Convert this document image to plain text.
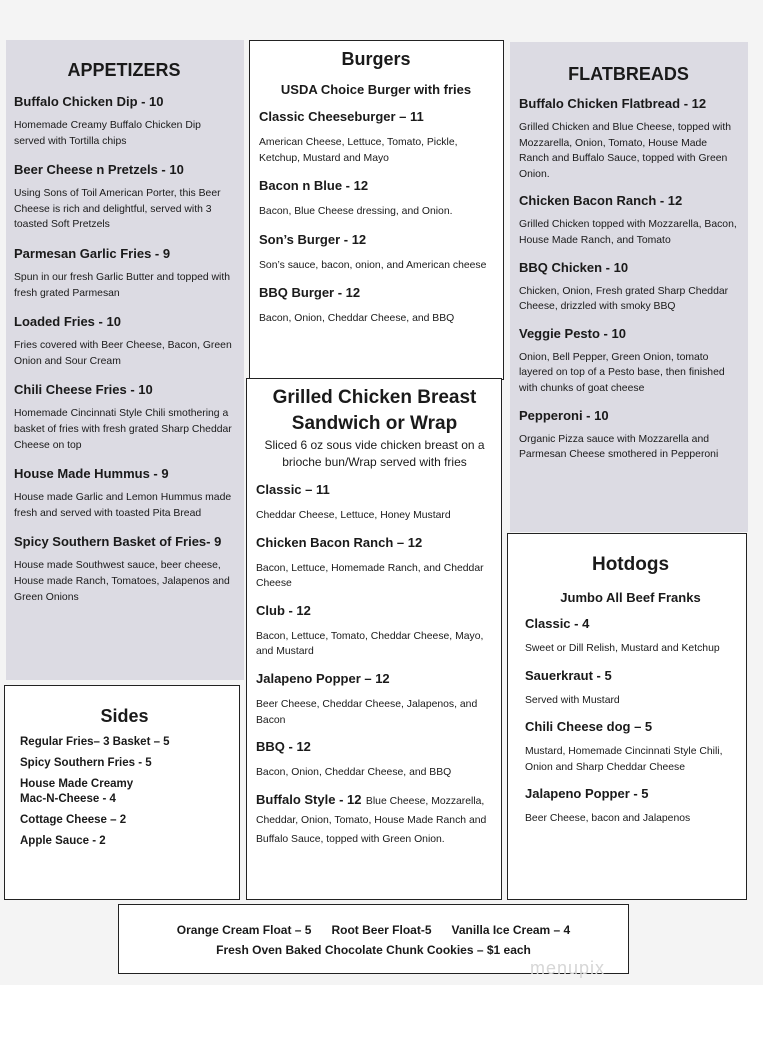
APPETIZERS
Buffalo Chicken Dip - 10
Homemade Creamy Buffalo Chicken Dip served with Tortilla chips
Beer Cheese n Pretzels - 10
Using Sons of Toil American Porter, this Beer Cheese is rich and delightful, served with 3 toasted Soft Pretzels
Parmesan Garlic Fries - 9
Spun in our fresh Garlic Butter and topped with fresh grated Parmesan
Loaded Fries - 10
Fries covered with Beer Cheese, Bacon, Green Onion and Sour Cream
Chili Cheese Fries - 10
Homemade Cincinnati Style Chili smothering a basket of fries with fresh grated Sharp Cheddar Cheese on top
House Made Hummus - 9
House made Garlic and Lemon Hummus made fresh and served with toasted Pita Bread
Spicy Southern Basket of Fries- 9
House made Southwest sauce, beer cheese, House made Ranch, Tomatoes, Jalapenos and Green Onions
Burgers
USDA Choice Burger with fries
Classic Cheeseburger – 11
American Cheese, Lettuce, Tomato, Pickle, Ketchup, Mustard and Mayo
Bacon n Blue - 12
Bacon, Blue Cheese dressing, and Onion.
Son’s Burger - 12
Son’s sauce, bacon, onion, and American cheese
BBQ Burger - 12
Bacon, Onion, Cheddar Cheese, and BBQ
FLATBREADS
Buffalo Chicken Flatbread - 12
Grilled Chicken and Blue Cheese, topped with Mozzarella, Onion, Tomato, House Made Ranch and Buffalo Sauce, topped with Green Onion.
Chicken Bacon Ranch - 12
Grilled Chicken topped with Mozzarella, Bacon, House Made Ranch, and Tomato
BBQ Chicken - 10
Chicken, Onion, Fresh grated Sharp Cheddar Cheese, drizzled with smoky BBQ
Veggie Pesto - 10
Onion, Bell Pepper, Green Onion, tomato layered on top of a Pesto base, then finished with chunks of goat cheese
Pepperoni - 10
Organic Pizza sauce with Mozzarella and Parmesan Cheese smothered in Pepperoni
Grilled Chicken Breast
Sandwich or Wrap
Sliced 6 oz sous vide chicken breast on a brioche bun/Wrap served with fries
Classic – 11
Cheddar Cheese, Lettuce, Honey Mustard
Chicken Bacon Ranch – 12
Bacon, Lettuce, Homemade Ranch, and Cheddar Cheese
Club - 12
Bacon, Lettuce, Tomato, Cheddar Cheese, Mayo, and Mustard
Jalapeno Popper – 12
Beer Cheese, Cheddar Cheese, Jalapenos, and Bacon
BBQ - 12
Bacon, Onion, Cheddar Cheese, and BBQ
Buffalo Style - 12 Blue Cheese, Mozzarella, Cheddar, Onion, Tomato, House Made Ranch and Buffalo Sauce, topped with Green Onion.
Sides
Regular Fries– 3 Basket – 5
Spicy Southern Fries - 5
House Made Creamy Mac-N-Cheese - 4
Cottage Cheese – 2
Apple Sauce - 2
Hotdogs
Jumbo All Beef Franks
Classic - 4
Sweet or Dill Relish, Mustard and Ketchup
Sauerkraut - 5
Served with Mustard
Chili Cheese dog – 5
Mustard, Homemade Cincinnati Style Chili, Onion and Sharp Cheddar Cheese
Jalapeno Popper - 5
Beer Cheese, bacon and Jalapenos
Orange Cream Float – 5      Root Beer Float-5      Vanilla Ice Cream – 4
Fresh Oven Baked Chocolate Chunk Cookies – $1 each
menupix
